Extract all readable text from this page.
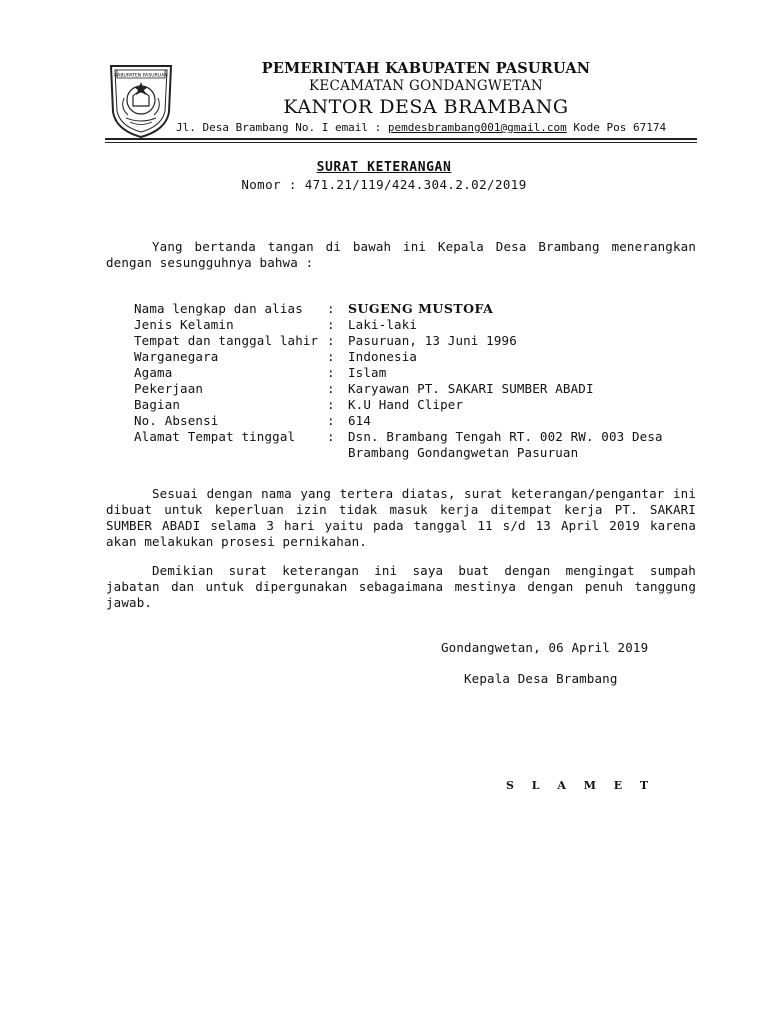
KABUPATEN PASURUAN	PEMERINTAH KABUPATEN PASURUAN
KECAMATAN GONDANGWETAN
KANTOR DESA BRAMBANG
Jl. Desa Brambang No. I email : pemdesbrambang001@gmail.com Kode Pos 67174
SURAT KETERANGAN
Nomor : 471.21/119/424.304.2.02/2019
Yang bertanda tangan di bawah ini Kepala Desa Brambang menerangkan dengan sesungguhnya bahwa :
Nama lengkap dan alias	:	SUGENG MUSTOFA
Jenis Kelamin	:	Laki-laki
Tempat dan tanggal lahir :	Pasuruan, 13 Juni 1996
Warganegara	:	Indonesia
Agama	:	Islam
Pekerjaan	:	Karyawan PT. SAKARI SUMBER ABADI
Bagian	:	K.U Hand Cliper
No. Absensi	:	614
Alamat Tempat tinggal	:	Dsn. Brambang Tengah RT. 002 RW. 003 Desa Brambang Gondangwetan Pasuruan
Sesuai dengan nama yang tertera diatas, surat keterangan/pengantar ini dibuat untuk keperluan izin tidak masuk kerja ditempat kerja PT. SAKARI SUMBER ABADI selama 3 hari yaitu pada tanggal 11 s/d 13 April 2019 karena akan melakukan prosesi pernikahan.
Demikian surat keterangan ini saya buat dengan mengingat sumpah jabatan dan untuk dipergunakan sebagaimana mestinya dengan penuh tanggung jawab.
Gondangwetan, 06 April 2019
Kepala Desa Brambang
S L A M E T
